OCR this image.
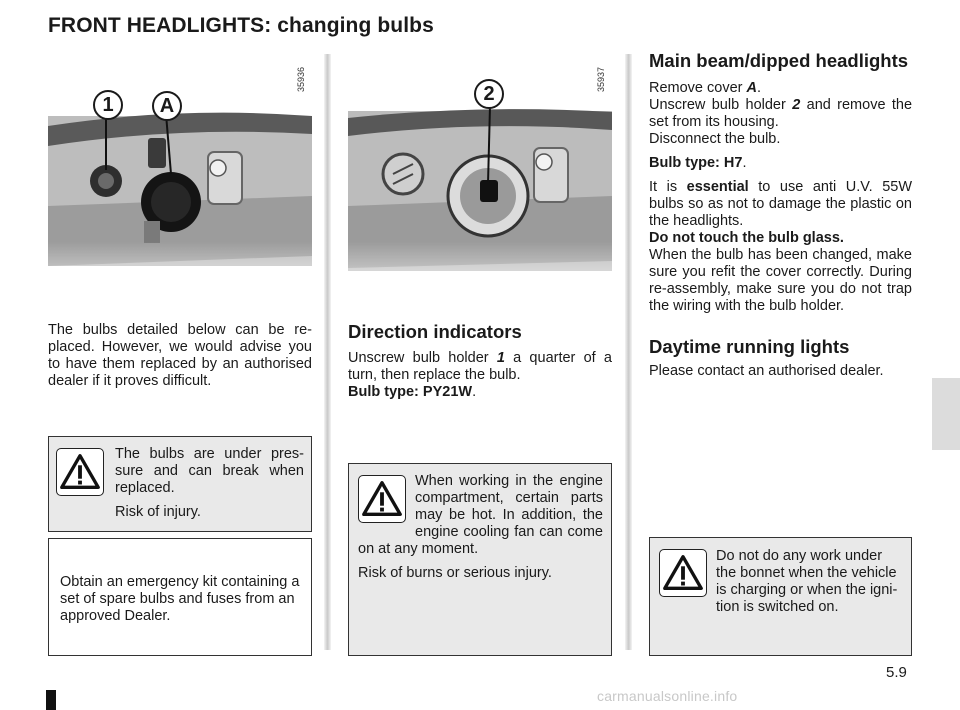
FRONT HEADLIGHTS: changing bulbs
35936
1	A
35937
2
The bulbs detailed below can be re-placed. However, we would advise you to have them replaced by an authorised dealer if it proves difficult.
Direction indicators
Unscrew bulb holder 1 a quarter of a turn, then replace the bulb.
Bulb type: PY21W.
Main beam/dipped headlights

Remove cover A.
Unscrew bulb holder 2 and remove the set from its housing.
Disconnect the bulb.

Bulb type: H7.

It is essential to use anti U.V. 55W bulbs so as not to damage the plastic on the headlights.
Do not touch the bulb glass.
When the bulb has been changed, make sure you refit the cover correctly. During re-assembly, make sure you do not trap the wiring with the bulb holder.

Daytime running lights
Please contact an authorised dealer.
The bulbs are under pres-sure and can break when replaced.
Risk of injury.
Obtain an emergency kit containing a set of spare bulbs and fuses from an approved Dealer.
When working in the engine compartment, certain parts may be hot. In addition, the engine cooling fan can come on at any moment.
Risk of burns or serious injury.
Do not do any work under the bonnet when the vehicle is charging or when the igni-tion is switched on.
5.9
carmanualsonline.info
